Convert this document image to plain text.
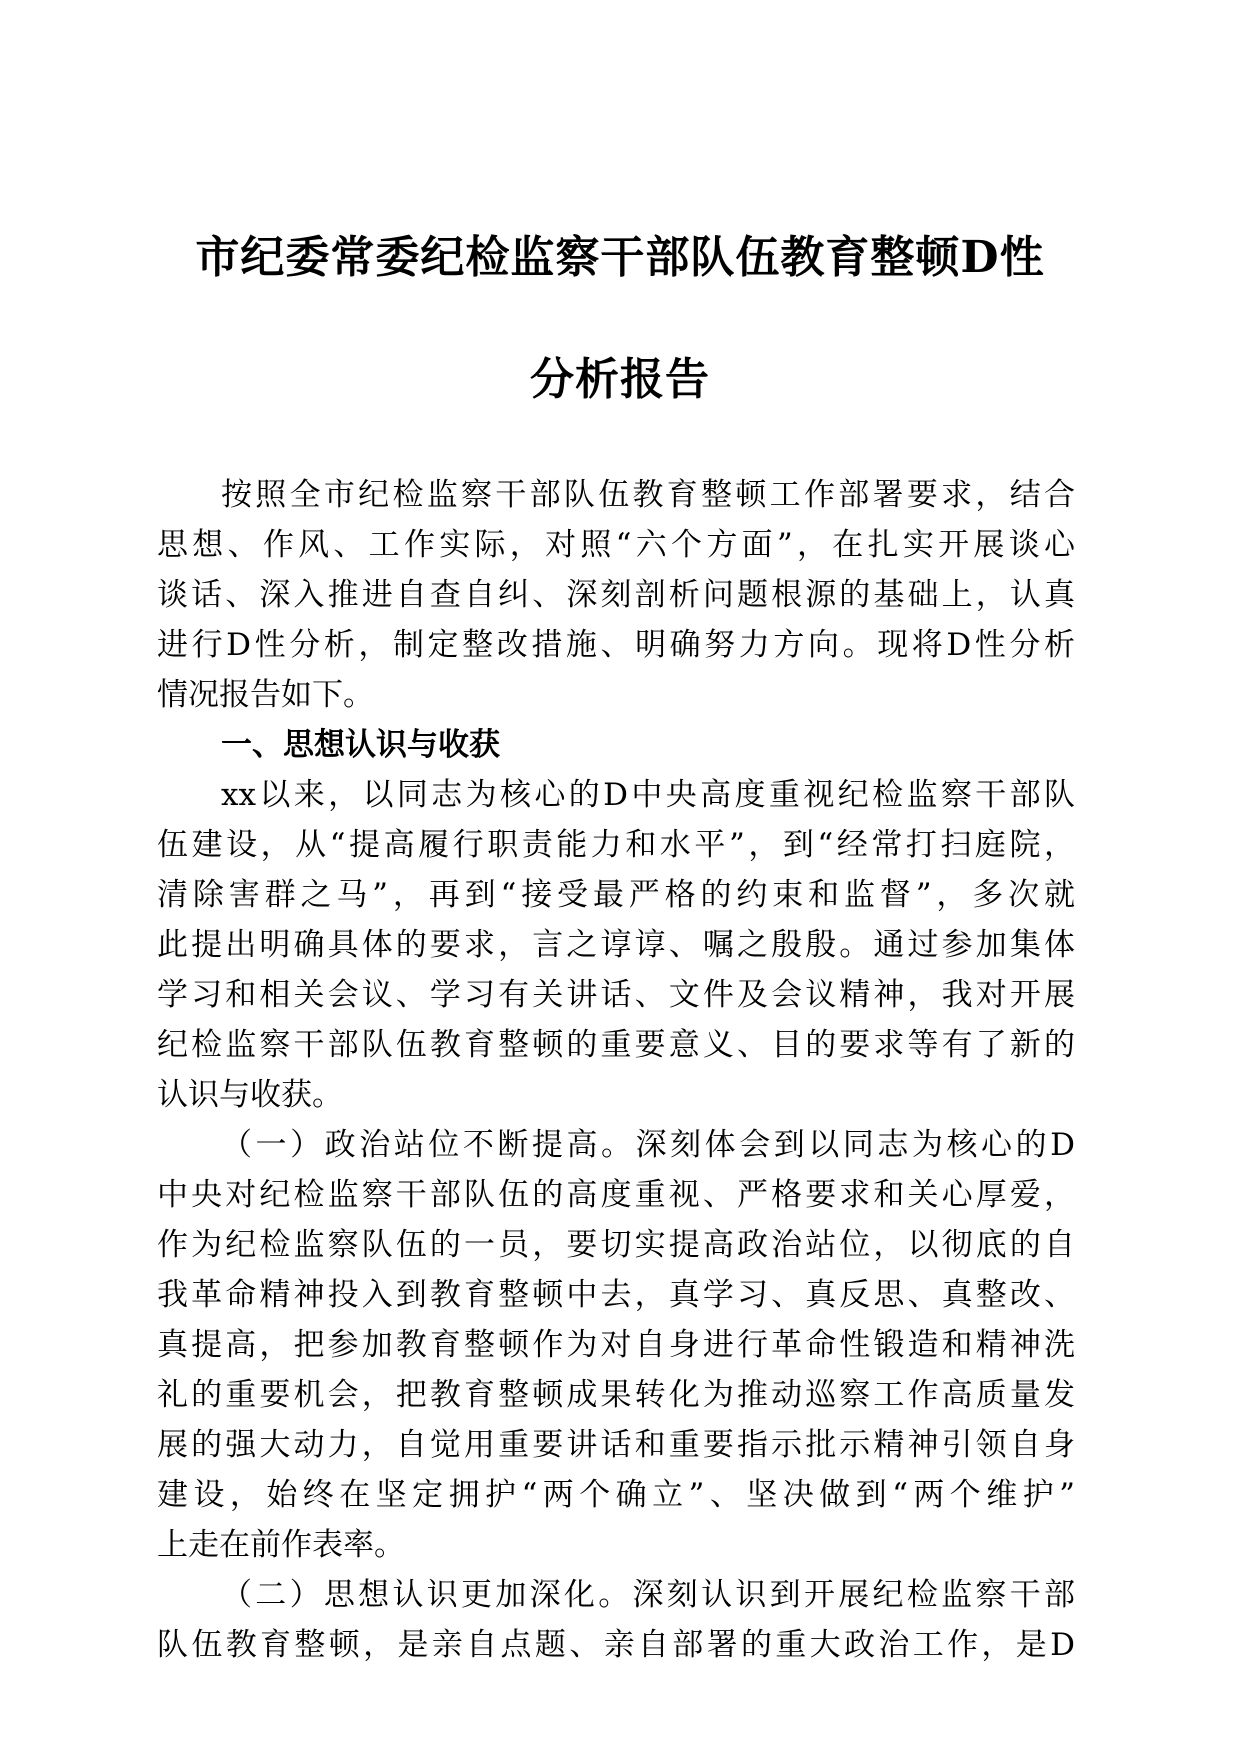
市纪委常委纪检监察干部队伍教育整顿D性
分析报告
按照全市纪检监察干部队伍教育整顿工作部署要求，结合
思想、作风、工作实际，对照“六个方面”，在扎实开展谈心
谈话、深入推进自查自纠、深刻剖析问题根源的基础上，认真
进行D性分析，制定整改措施、明确努力方向。现将D性分析
情况报告如下。
一、思想认识与收获
xx以来，以同志为核心的D中央高度重视纪检监察干部队
伍建设，从“提高履行职责能力和水平”，到“经常打扫庭院，
清除害群之马”，再到“接受最严格的约束和监督”，多次就
此提出明确具体的要求，言之谆谆、嘱之殷殷。通过参加集体
学习和相关会议、学习有关讲话、文件及会议精神，我对开展
纪检监察干部队伍教育整顿的重要意义、目的要求等有了新的
认识与收获。
（一）政治站位不断提高。深刻体会到以同志为核心的D
中央对纪检监察干部队伍的高度重视、严格要求和关心厚爱，
作为纪检监察队伍的一员，要切实提高政治站位，以彻底的自
我革命精神投入到教育整顿中去，真学习、真反思、真整改、
真提高，把参加教育整顿作为对自身进行革命性锻造和精神洗
礼的重要机会，把教育整顿成果转化为推动巡察工作高质量发
展的强大动力，自觉用重要讲话和重要指示批示精神引领自身
建设，始终在坚定拥护“两个确立”、坚决做到“两个维护”
上走在前作表率。
（二）思想认识更加深化。深刻认识到开展纪检监察干部
队伍教育整顿，是亲自点题、亲自部署的重大政治工作，是D
